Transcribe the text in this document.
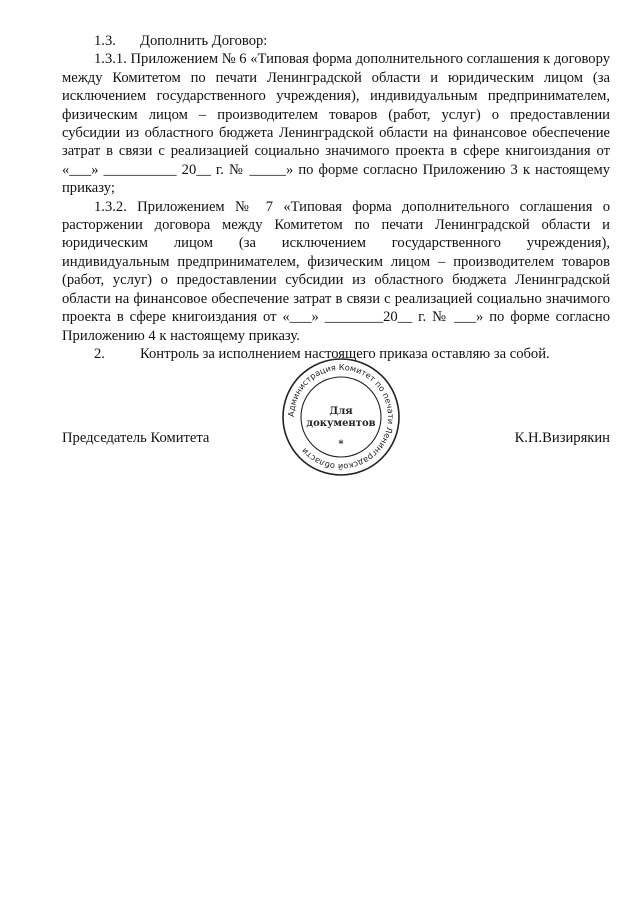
1.3. Дополнить Договор:

1.3.1. Приложением № 6 «Типовая форма дополнительного соглашения к договору между Комитетом по печати Ленинградской области и юридическим лицом (за исключением государственного учреждения), индивидуальным предпринимателем, физическим лицом – производителем товаров (работ, услуг) о предоставлении субсидии из областного бюджета Ленинградской области на финансовое обеспечение затрат в связи с реализацией социально значимого проекта в сфере книгоиздания от «___» __________ 20__ г. № _____» по форме согласно Приложению 3 к настоящему приказу;

1.3.2. Приложением № 7 «Типовая форма дополнительного соглашения о расторжении договора между Комитетом по печати Ленинградской области и юридическим лицом (за исключением государственного учреждения), индивидуальным предпринимателем, физическим лицом – производителем товаров (работ, услуг) о предоставлении субсидии из областного бюджета Ленинградской области на финансовое обеспечение затрат в связи с реализацией социально значимого проекта в сфере книгоиздания от «___» ________20__ г. № ___» по форме согласно Приложению 4 к настоящему приказу.

2. Контроль за исполнением настоящего приказа оставляю за собой.

Председатель Комитета	К.Н.Визирякин
Администрация Комитет по печати Ленинградской области
Для
документов
*
